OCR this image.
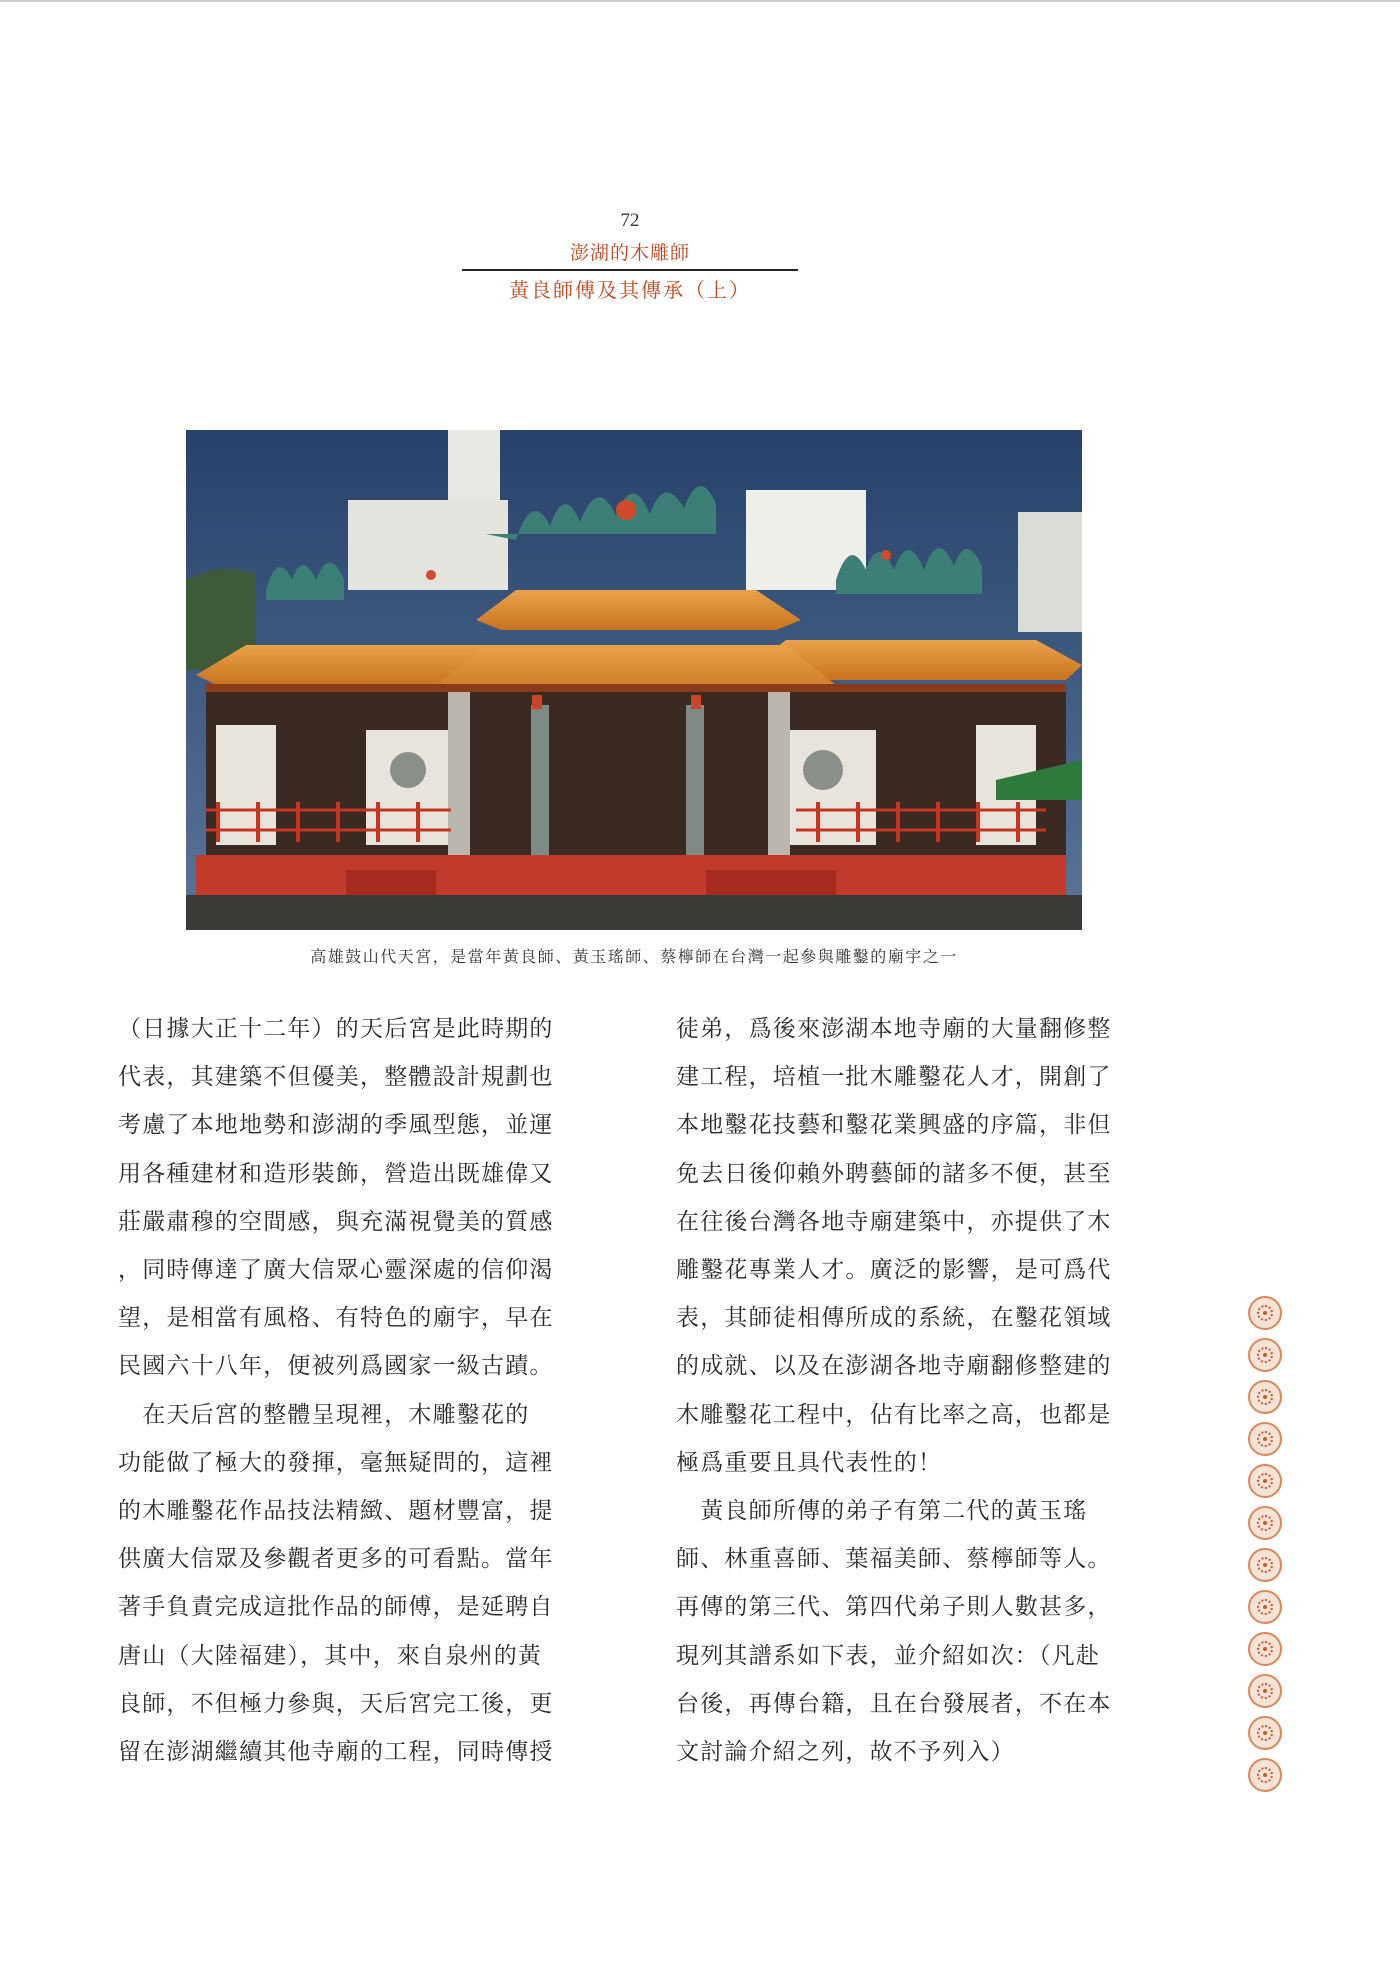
72
澎湖的木雕師
黃良師傅及其傳承（上）
高雄鼓山代天宮，是當年黃良師、黃玉瑤師、蔡檸師在台灣一起參與雕鑿的廟宇之一

（日據大正十二年）的天后宮是此時期的

代表，其建築不但優美，整體設計規劃也

考慮了本地地勢和澎湖的季風型態，並運

用各種建材和造形裝飾，營造出既雄偉又

莊嚴肅穆的空間感，與充滿視覺美的質感

，同時傳達了廣大信眾心靈深處的信仰渴

望，是相當有風格、有特色的廟宇，早在

民國六十八年，便被列爲國家一級古蹟。

　在天后宮的整體呈現裡，木雕鑿花的

功能做了極大的發揮，毫無疑問的，這裡

的木雕鑿花作品技法精緻、題材豐富，提

供廣大信眾及參觀者更多的可看點。當年

著手負責完成這批作品的師傅，是延聘自

唐山（大陸福建），其中，來自泉州的黃

良師，不但極力參與，天后宮完工後，更

留在澎湖繼續其他寺廟的工程，同時傳授

徒弟，爲後來澎湖本地寺廟的大量翻修整

建工程，培植一批木雕鑿花人才，開創了

本地鑿花技藝和鑿花業興盛的序篇，非但

免去日後仰賴外聘藝師的諸多不便，甚至

在往後台灣各地寺廟建築中，亦提供了木

雕鑿花專業人才。廣泛的影響，是可爲代

表，其師徒相傳所成的系統，在鑿花領域

的成就、以及在澎湖各地寺廟翻修整建的

木雕鑿花工程中，佔有比率之高，也都是

極爲重要且具代表性的！

　黃良師所傳的弟子有第二代的黃玉瑤

師、林重喜師、葉福美師、蔡檸師等人。

再傳的第三代、第四代弟子則人數甚多，

現列其譜系如下表，並介紹如次：（凡赴

台後，再傳台籍，且在台發展者，不在本

文討論介紹之列，故不予列入）
